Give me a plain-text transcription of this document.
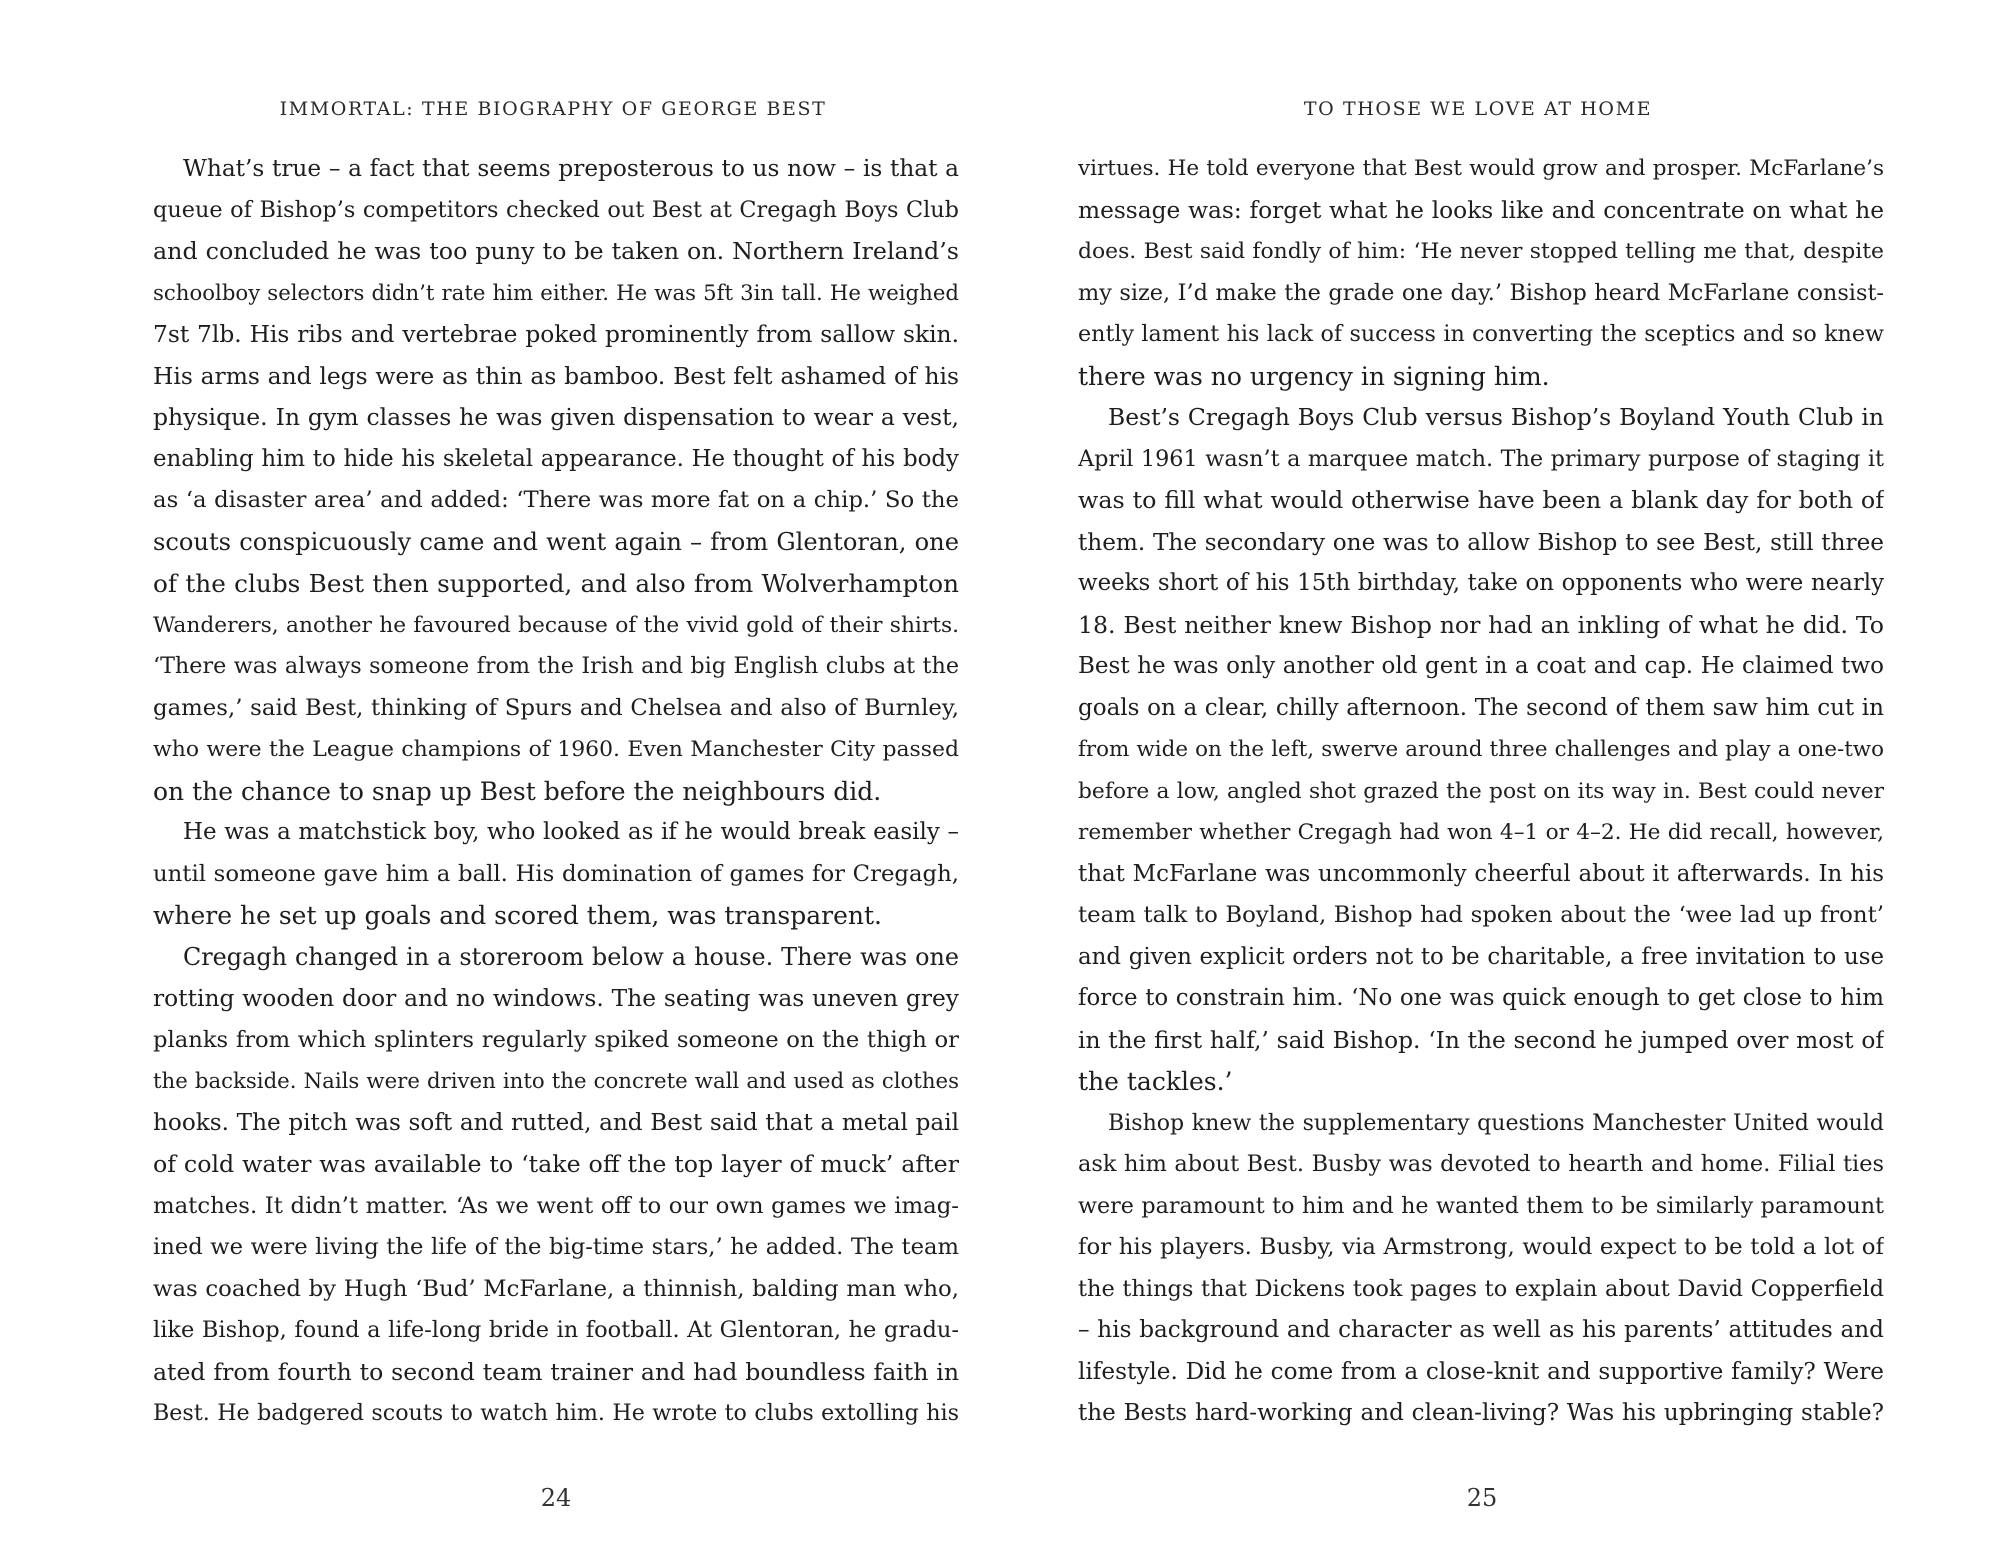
IMMORTAL: THE BIOGRAPHY OF GEORGE BEST
What’s true – a fact that seems preposterous to us now – is that a
queue of Bishop’s competitors checked out Best at Cregagh Boys Club
and concluded he was too puny to be taken on. Northern Ireland’s
schoolboy selectors didn’t rate him either. He was 5ft 3in tall. He weighed
7st 7lb. His ribs and vertebrae poked prominently from sallow skin.
His arms and legs were as thin as bamboo. Best felt ashamed of his
physique. In gym classes he was given dispensation to wear a vest,
enabling him to hide his skeletal appearance. He thought of his body
as ‘a disaster area’ and added: ‘There was more fat on a chip.’ So the
scouts conspicuously came and went again – from Glentoran, one
of the clubs Best then supported, and also from Wolverhampton
Wanderers, another he favoured because of the vivid gold of their shirts.
‘There was always someone from the Irish and big English clubs at the
games,’ said Best, thinking of Spurs and Chelsea and also of Burnley,
who were the League champions of 1960. Even Manchester City passed
on the chance to snap up Best before the neighbours did.
He was a matchstick boy, who looked as if he would break easily –
until someone gave him a ball. His domination of games for Cregagh,
where he set up goals and scored them, was transparent.
Cregagh changed in a storeroom below a house. There was one
rotting wooden door and no windows. The seating was uneven grey
planks from which splinters regularly spiked someone on the thigh or
the backside. Nails were driven into the concrete wall and used as clothes
hooks. The pitch was soft and rutted, and Best said that a metal pail
of cold water was available to ‘take off the top layer of muck’ after
matches. It didn’t matter. ‘As we went off to our own games we imag-
ined we were living the life of the big-time stars,’ he added. The team
was coached by Hugh ‘Bud’ McFarlane, a thinnish, balding man who,
like Bishop, found a life-long bride in football. At Glentoran, he gradu-
ated from fourth to second team trainer and had boundless faith in
Best. He badgered scouts to watch him. He wrote to clubs extolling his
24
TO THOSE WE LOVE AT HOME
virtues. He told everyone that Best would grow and prosper. McFarlane’s
message was: forget what he looks like and concentrate on what he
does. Best said fondly of him: ‘He never stopped telling me that, despite
my size, I’d make the grade one day.’ Bishop heard McFarlane consist-
ently lament his lack of success in converting the sceptics and so knew
there was no urgency in signing him.
Best’s Cregagh Boys Club versus Bishop’s Boyland Youth Club in
April 1961 wasn’t a marquee match. The primary purpose of staging it
was to fill what would otherwise have been a blank day for both of
them. The secondary one was to allow Bishop to see Best, still three
weeks short of his 15th birthday, take on opponents who were nearly
18. Best neither knew Bishop nor had an inkling of what he did. To
Best he was only another old gent in a coat and cap. He claimed two
goals on a clear, chilly afternoon. The second of them saw him cut in
from wide on the left, swerve around three challenges and play a one-two
before a low, angled shot grazed the post on its way in. Best could never
remember whether Cregagh had won 4–1 or 4–2. He did recall, however,
that McFarlane was uncommonly cheerful about it afterwards. In his
team talk to Boyland, Bishop had spoken about the ‘wee lad up front’
and given explicit orders not to be charitable, a free invitation to use
force to constrain him. ‘No one was quick enough to get close to him
in the first half,’ said Bishop. ‘In the second he jumped over most of
the tackles.’
Bishop knew the supplementary questions Manchester United would
ask him about Best. Busby was devoted to hearth and home. Filial ties
were paramount to him and he wanted them to be similarly paramount
for his players. Busby, via Armstrong, would expect to be told a lot of
the things that Dickens took pages to explain about David Copperfield
– his background and character as well as his parents’ attitudes and
lifestyle. Did he come from a close-knit and supportive family? Were
the Bests hard-working and clean-living? Was his upbringing stable?
25
